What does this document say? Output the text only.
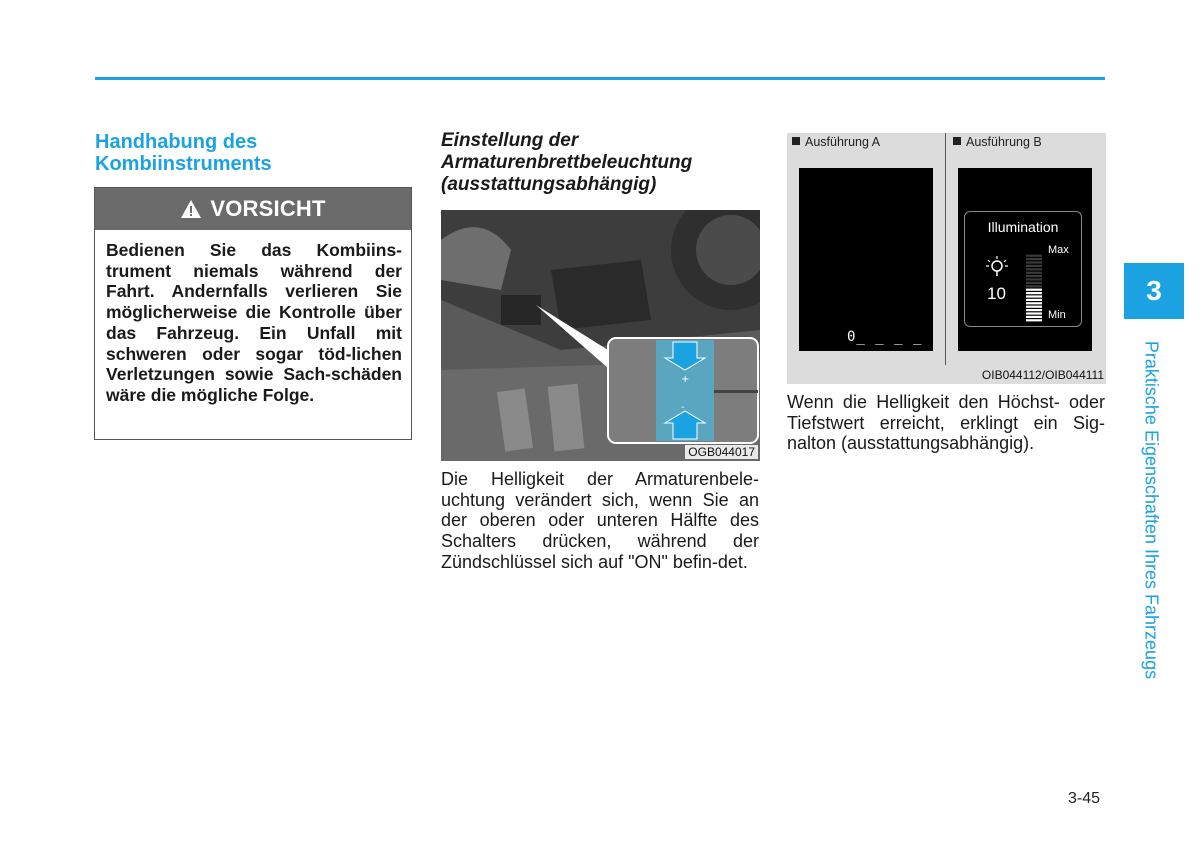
Handhabung des
Kombiinstruments
VORSICHT
Bedienen Sie das Kombiins-trument niemals während der Fahrt. Andernfalls verlieren Sie möglicherweise die Kontrolle über das Fahrzeug. Ein Unfall mit schweren oder sogar töd-lichen Verletzungen sowie Sach-schäden wäre die mögliche Folge.
Einstellung der
Armaturenbrettbeleuchtung
(ausstattungsabhängig)
+
-
OGB044017
Die Helligkeit der Armaturenbele-uchtung verändert sich, wenn Sie an der oberen oder unteren Hälfte des Schalters drücken, während der Zündschlüssel sich auf "ON" befin-det.
Ausführung A	Ausführung B
0_ _ _ _
Illumination
10
Max
Min
OIB044112/OIB044111
Wenn die Helligkeit den Höchst- oder Tiefstwert erreicht, erklingt ein Sig-nalton (ausstattungsabhängig).
3
Praktische Eigenschaften Ihres Fahrzeugs
3-45
